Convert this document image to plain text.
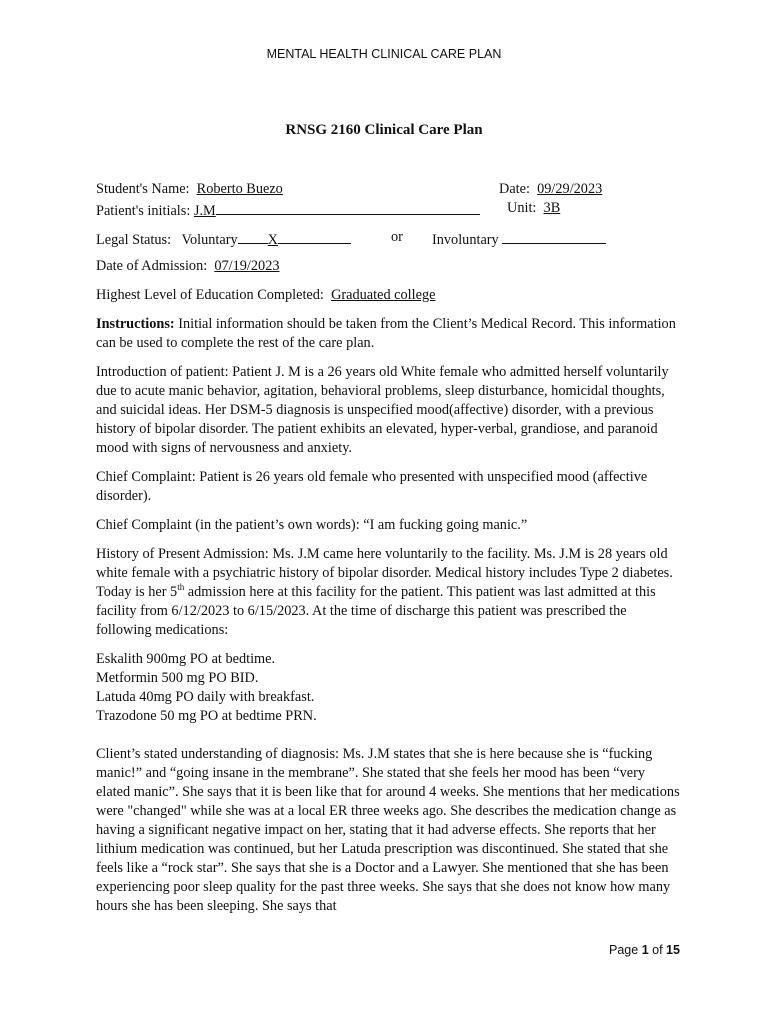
MENTAL HEALTH CLINICAL CARE PLAN
RNSG 2160 Clinical Care Plan
Student's Name: Roberto Buezo	Date: 09/29/2023
Patient's initials: J.M	Unit: 3B
Legal Status: Voluntary X	or Involuntary
Date of Admission: 07/19/2023
Highest Level of Education Completed: Graduated college

Instructions: Initial information should be taken from the Client’s Medical Record. This information can be used to complete the rest of the care plan.

Introduction of patient: Patient J. M is a 26 years old White female who admitted herself voluntarily due to acute manic behavior, agitation, behavioral problems, sleep disturbance, homicidal thoughts, and suicidal ideas. Her DSM-5 diagnosis is unspecified mood(affective) disorder, with a previous history of bipolar disorder. The patient exhibits an elevated, hyper-verbal, grandiose, and paranoid mood with signs of nervousness and anxiety.

Chief Complaint: Patient is 26 years old female who presented with unspecified mood (affective disorder).

Chief Complaint (in the patient’s own words): “I am fucking going manic.”

History of Present Admission: Ms. J.M came here voluntarily to the facility. Ms. J.M is 28 years old white female with a psychiatric history of bipolar disorder. Medical history includes Type 2 diabetes. Today is her 5th admission here at this facility for the patient. This patient was last admitted at this facility from 6/12/2023 to 6/15/2023. At the time of discharge this patient was prescribed the following medications:

Eskalith 900mg PO at bedtime.
Metformin 500 mg PO BID.
Latuda 40mg PO daily with breakfast.
Trazodone 50 mg PO at bedtime PRN.

Client’s stated understanding of diagnosis: Ms. J.M states that she is here because she is “fucking manic!” and “going insane in the membrane”. She stated that she feels her mood has been “very elated manic”. She says that it is been like that for around 4 weeks. She mentions that her medications were "changed" while she was at a local ER three weeks ago. She describes the medication change as having a significant negative impact on her, stating that it had adverse effects. She reports that her lithium medication was continued, but her Latuda prescription was discontinued. She stated that she feels like a “rock star”. She says that she is a Doctor and a Lawyer. She mentioned that she has been experiencing poor sleep quality for the past three weeks. She says that she does not know how many hours she has been sleeping. She says that

Page 1 of 15
